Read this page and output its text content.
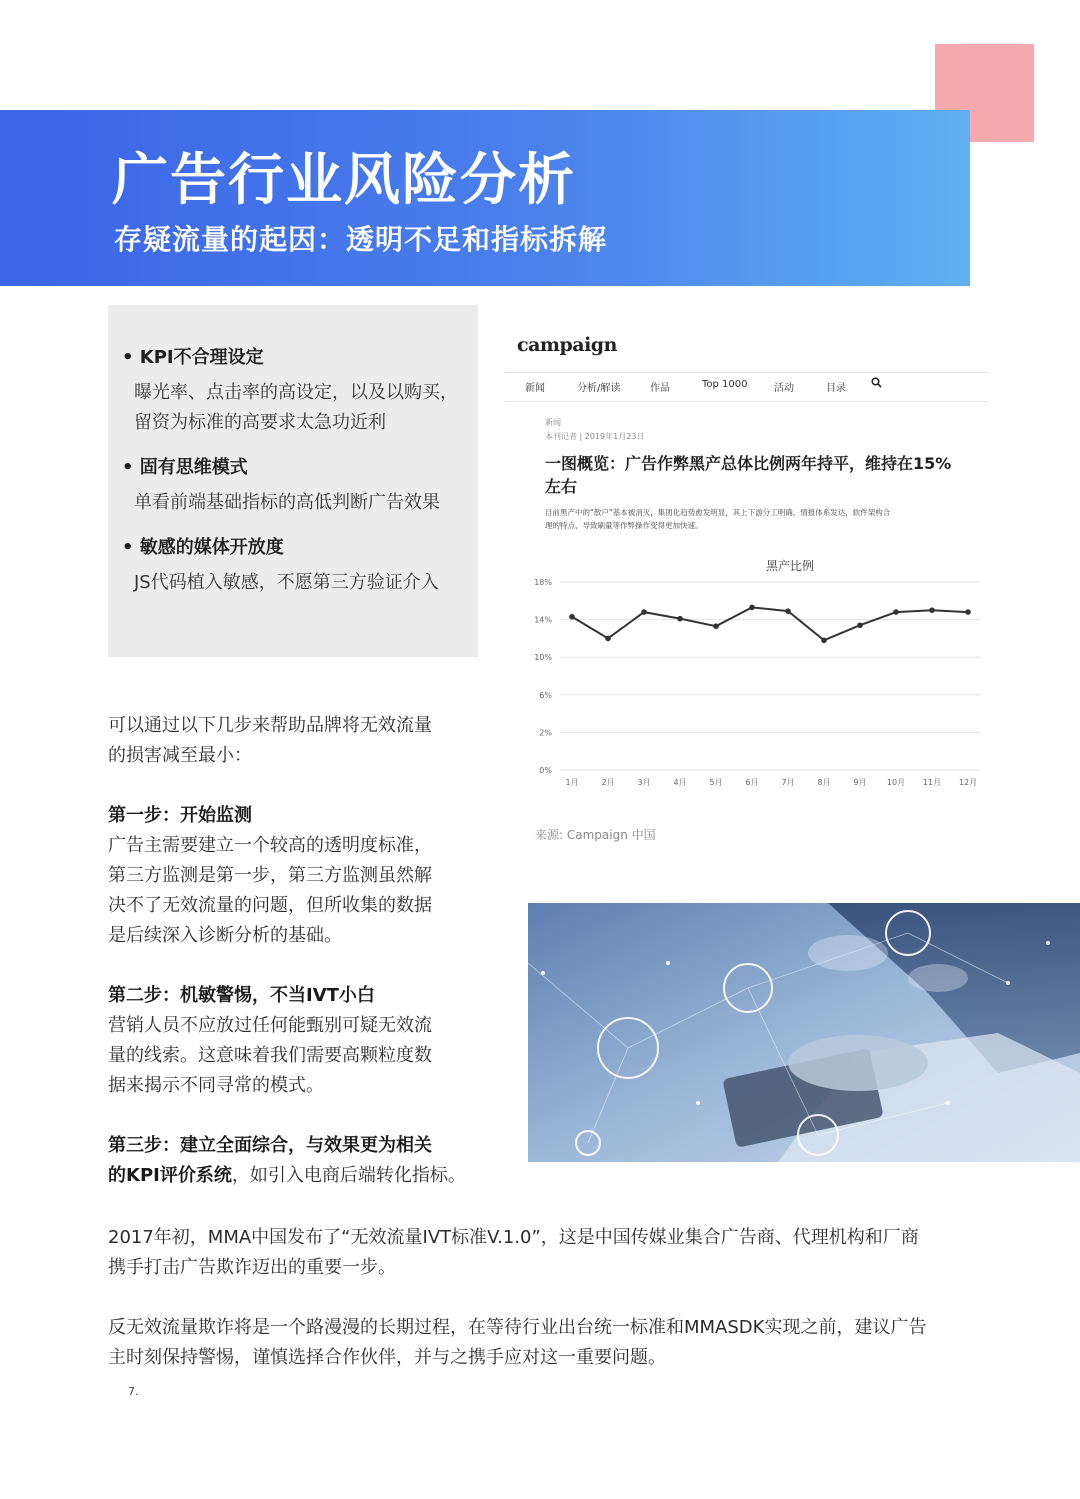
广告行业风险分析
存疑流量的起因：透明不足和指标拆解
• KPI不合理设定
曝光率、点击率的高设定，以及以购买，
留资为标准的高要求太急功近利
• 固有思维模式
单看前端基础指标的高低判断广告效果
• 敏感的媒体开放度
JS代码植入敏感，不愿第三方验证介入
可以通过以下几步来帮助品牌将无效流量
的损害减至最小：
第一步：开始监测
广告主需要建立一个较高的透明度标准，
第三方监测是第一步，第三方监测虽然解
决不了无效流量的问题，但所收集的数据
是后续深入诊断分析的基础。
第二步：机敏警惕，不当IVT小白
营销人员不应放过任何能甄别可疑无效流
量的线索。这意味着我们需要高颗粒度数
据来揭示不同寻常的模式。
第三步：建立全面综合，与效果更为相关
的KPI评价系统，如引入电商后端转化指标。
2017年初，MMA中国发布了“无效流量IVT标准V.1.0”，这是中国传媒业集合广告商、代理机构和厂商
携手打击广告欺诈迈出的重要一步。
反无效流量欺诈将是一个路漫漫的长期过程，在等待行业出台统一标准和MMASDK实现之前，建议广告
主时刻保持警惕，谨慎选择合作伙伴，并与之携手应对这一重要问题。
campaign
新闻	分析/解读	作品	Top 1000	活动	目录
新闻
本刊记者 | 2019年1月23日
一图概览：广告作弊黑产总体比例两年持平，维持在15%
左右
目前黑产中的“散户”基本被消灭，集团化趋势愈发明显，其上下游分工明确、情报体系发达，软件架构合
理的特点，导致刷量等作弊操作变得更加快速。
黑产比例
18%
14%
10%
6%
2%
0%
1月	2月	3月	4月	5月	6月	7月	8月	9月	10月 11月 12月
来源: Campaign 中国
7.
